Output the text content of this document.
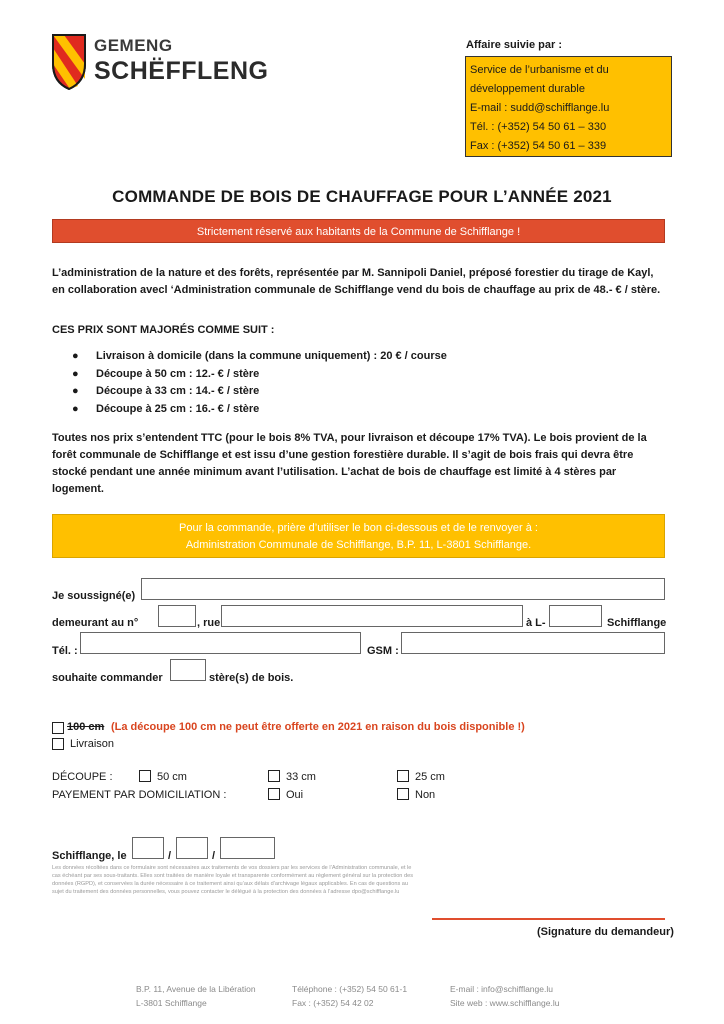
GEMENG
SCHËFFLENG
Affaire suivie par :
Service de l’urbanisme et du
développement durable
E-mail : sudd@schifflange.lu
Tél. : (+352) 54 50 61 – 330
Fax : (+352) 54 50 61 – 339
COMMANDE DE BOIS DE CHAUFFAGE POUR L’ANNÉE 2021
Strictement réservé aux habitants de la Commune de Schifflange !
L’administration de la nature et des forêts, représentée par M. Sannipoli Daniel, préposé forestier du tirage de Kayl, en collaboration avecl ‘Administration communale de Schifflange vend du bois de chauffage au prix de 48.- € / stère.
CES PRIX SONT MAJORÉS COMME SUIT :
●	Livraison à domicile (dans la commune uniquement) : 20 € / course
●	Découpe à 50 cm : 12.- € / stère
●	Découpe à 33 cm : 14.- € / stère
●	Découpe à 25 cm : 16.- € / stère
Toutes nos prix s’entendent TTC (pour le bois 8% TVA, pour livraison et découpe 17% TVA). Le bois provient de la forêt communale de Schifflange et est issu d’une gestion forestière durable. Il s’agit de bois frais qui devra être stocké pendant une année minimum avant l’utilisation. L’achat de bois de chauffage est limité à 4 stères par logement.
Pour la commande, prière d’utiliser le bon ci-dessous et de le renvoyer à :
Administration Communale de Schifflange, B.P. 11, L-3801 Schifflange.
Je soussigné(e)
demeurant au n°	, rue	à L-	Schifflange
Tél. :	GSM :
souhaite commander	stère(s) de bois.
100 cm (La découpe 100 cm ne peut être offerte en 2021 en raison du bois disponible !)
Livraison
DÉCOUPE :	50 cm	33 cm	25 cm
PAYEMENT PAR DOMICILIATION :	Oui	Non
Schifflange, le	/	/
Les données récoltées dans ce formulaire sont nécessaires aux traitements de vos dossiers par les services de l’Administration communale, et le cas échéant par ses sous-traitants. Elles sont traitées de manière loyale et transparente conformément au règlement général sur la protection des données (RGPD), et conservées la durée nécessaire à ce traitement ainsi qu’aux délais d’archivage légaux applicables. En cas de questions au sujet du traitement des données personnelles, vous pouvez contacter le délégué à la protection des données à l’adresse dpo@schifflange.lu
(Signature du demandeur)
B.P. 11, Avenue de la Libération
L-3801 Schifflange
Téléphone : (+352) 54 50 61-1
Fax : (+352) 54 42 02
E-mail : info@schifflange.lu
Site web : www.schifflange.lu
